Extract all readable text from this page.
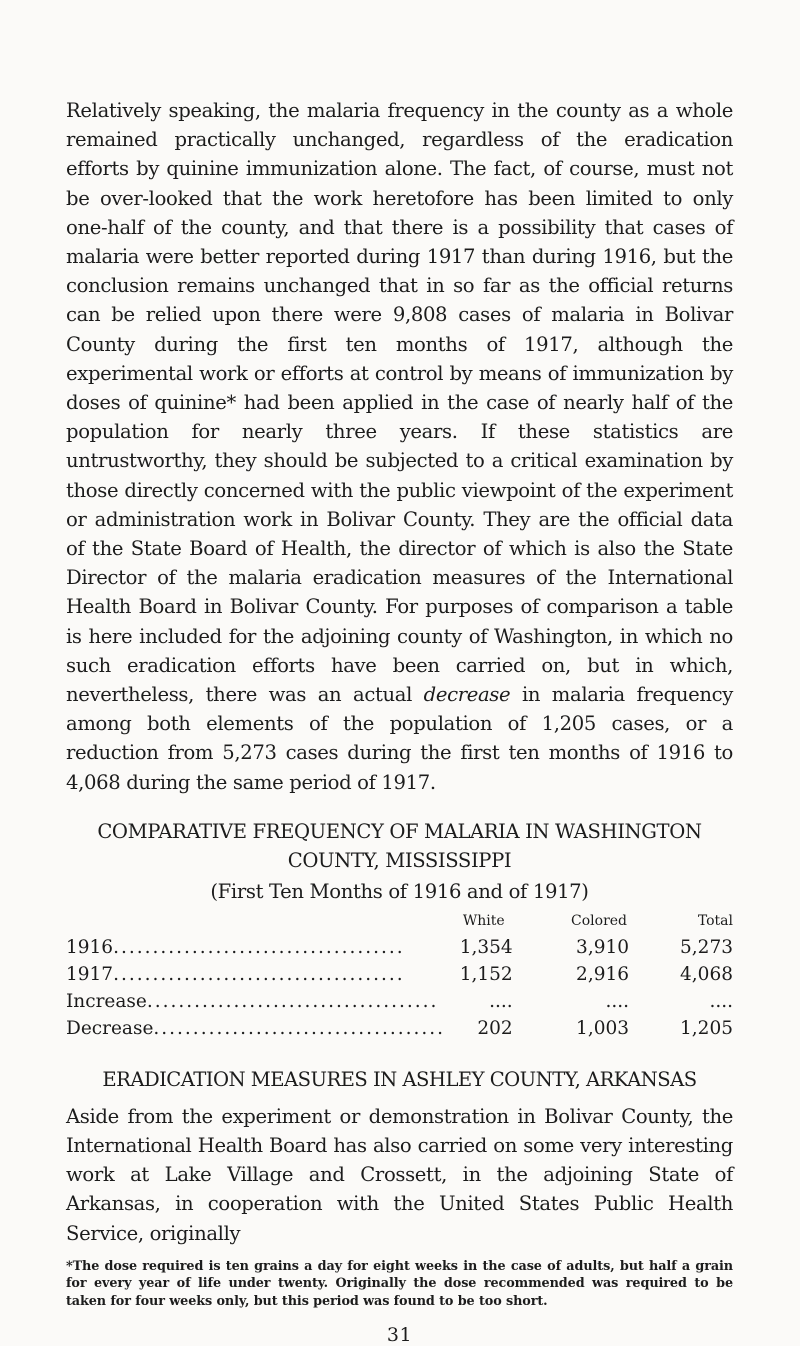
Relatively speaking, the malaria frequency in the county as a whole remained practically unchanged, regardless of the eradication efforts by quinine immunization alone. The fact, of course, must not be over-looked that the work heretofore has been limited to only one-half of the county, and that there is a possibility that cases of malaria were better reported during 1917 than during 1916, but the conclusion remains unchanged that in so far as the official returns can be relied upon there were 9,808 cases of malaria in Bolivar County during the first ten months of 1917, although the experimental work or efforts at control by means of immunization by doses of quinine* had been applied in the case of nearly half of the population for nearly three years. If these statistics are untrustworthy, they should be subjected to a critical examination by those directly concerned with the public viewpoint of the experiment or administration work in Bolivar County. They are the official data of the State Board of Health, the director of which is also the State Director of the malaria eradication measures of the International Health Board in Bolivar County. For purposes of comparison a table is here included for the adjoining county of Washington, in which no such eradication efforts have been carried on, but in which, nevertheless, there was an actual decrease in malaria frequency among both elements of the population of 1,205 cases, or a reduction from 5,273 cases during the first ten months of 1916 to 4,068 during the same period of 1917.

COMPARATIVE FREQUENCY OF MALARIA IN WASHINGTON
COUNTY, MISSISSIPPI
(First Ten Months of 1916 and of 1917)
	White	Colored	Total
1916.....................................	1,354	3,910	5,273
1917.....................................	1,152	2,916	4,068
Increase.....................................	....	....	....
Decrease.....................................	202	1,003	1,205
ERADICATION MEASURES IN ASHLEY COUNTY, ARKANSAS

Aside from the experiment or demonstration in Bolivar County, the International Health Board has also carried on some very interesting work at Lake Village and Crossett, in the adjoining State of Arkansas, in cooperation with the United States Public Health Service, originally

*The dose required is ten grains a day for eight weeks in the case of adults, but half a grain for every year of life under twenty. Originally the dose recommended was required to be taken for four weeks only, but this period was found to be too short.

31
